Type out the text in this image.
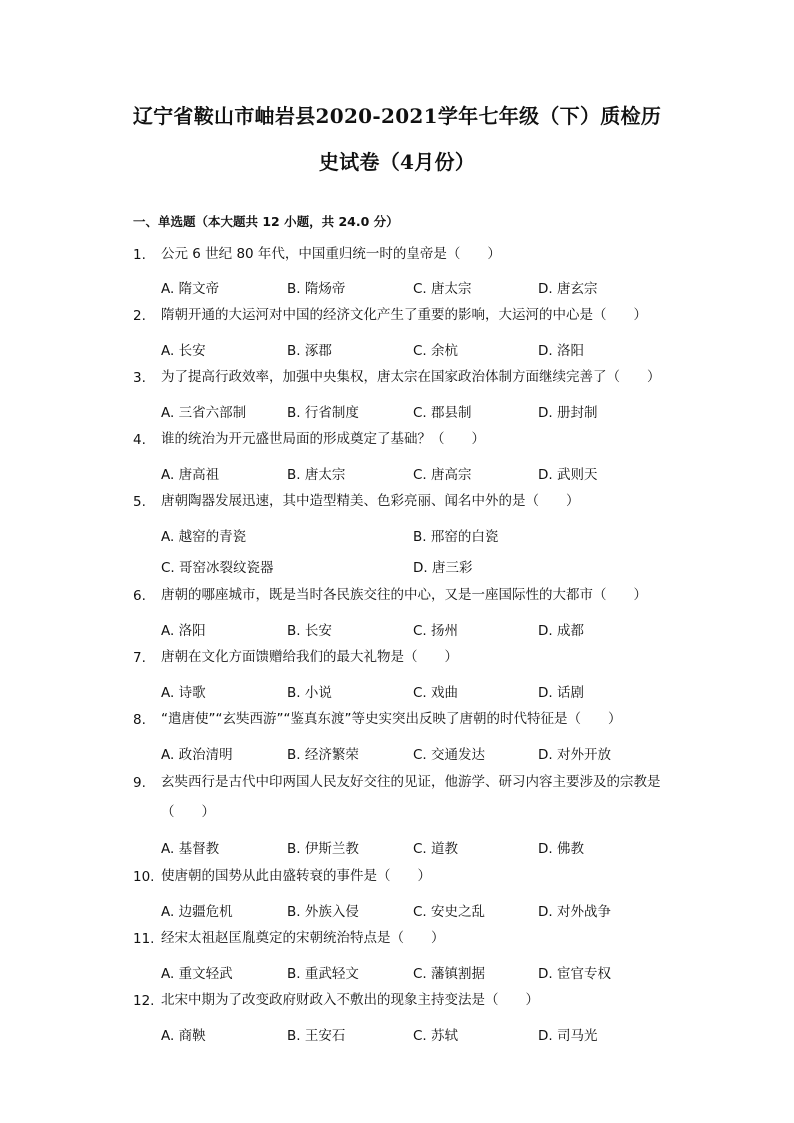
辽宁省鞍山市岫岩县2020-2021学年七年级（下）质检历
史试卷（4月份）
一、单选题（本大题共 12 小题，共 24.0 分）
1.	公元 6 世纪 80 年代，中国重归统一时的皇帝是（　　）
A. 隋文帝	B. 隋炀帝	C. 唐太宗	D. 唐玄宗
2.	隋朝开通的大运河对中国的经济文化产生了重要的影响，大运河的中心是（　　）
A. 长安	B. 涿郡	C. 余杭	D. 洛阳
3.	为了提高行政效率，加强中央集权，唐太宗在国家政治体制方面继续完善了（　　）
A. 三省六部制	B. 行省制度	C. 郡县制	D. 册封制
4.	谁的统治为开元盛世局面的形成奠定了基础？（　　）
A. 唐高祖	B. 唐太宗	C. 唐高宗	D. 武则天
5.	唐朝陶器发展迅速，其中造型精美、色彩亮丽、闻名中外的是（　　）
A. 越窑的青瓷	B. 邢窑的白瓷
C. 哥窑冰裂纹瓷器	D. 唐三彩
6.	唐朝的哪座城市，既是当时各民族交往的中心，又是一座国际性的大都市（　　）
A. 洛阳	B. 长安	C. 扬州	D. 成都
7.	唐朝在文化方面馈赠给我们的最大礼物是（　　）
A. 诗歌	B. 小说	C. 戏曲	D. 话剧
8.	“遣唐使”“玄奘西游”“鉴真东渡”等史实突出反映了唐朝的时代特征是（　　）
A. 政治清明	B. 经济繁荣	C. 交通发达	D. 对外开放
9.	玄奘西行是古代中印两国人民友好交往的见证，他游学、研习内容主要涉及的宗教是（　　）
A. 基督教	B. 伊斯兰教	C. 道教	D. 佛教
10. 使唐朝的国势从此由盛转衰的事件是（　　）
A. 边疆危机	B. 外族入侵	C. 安史之乱	D. 对外战争
11. 经宋太祖赵匡胤奠定的宋朝统治特点是（　　）
A. 重文轻武	B. 重武轻文	C. 藩镇割据	D. 宦官专权
12. 北宋中期为了改变政府财政入不敷出的现象主持变法是（　　）
A. 商鞅	B. 王安石	C. 苏轼	D. 司马光
